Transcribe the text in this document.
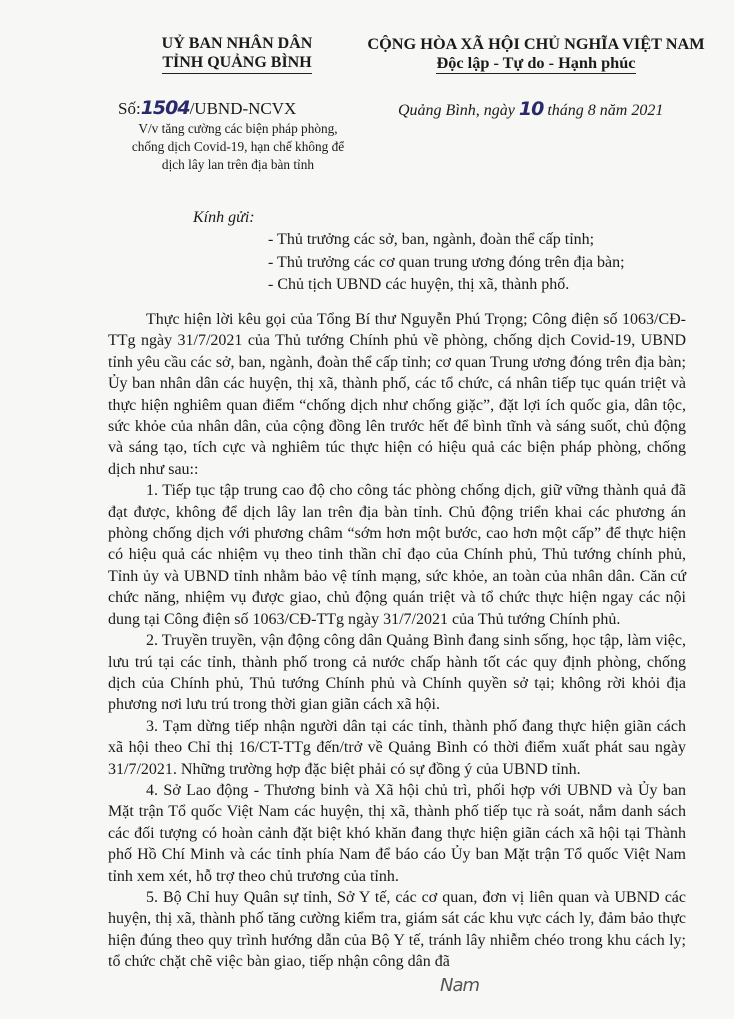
UỶ BAN NHÂN DÂN
TỈNH QUẢNG BÌNH
CỘNG HÒA XÃ HỘI CHỦ NGHĨA VIỆT NAM
Độc lập - Tự do - Hạnh phúc
Số:1504/UBND-NCVX
V/v tăng cường các biện pháp phòng,
chống dịch Covid-19, hạn chế không để
dịch lây lan trên địa bàn tỉnh
Quảng Bình, ngày 10 tháng 8 năm 2021
Kính gửi:
- Thủ trưởng các sở, ban, ngành, đoàn thể cấp tỉnh;
- Thủ trưởng các cơ quan trung ương đóng trên địa bàn;
- Chủ tịch UBND các huyện, thị xã, thành phố.

Thực hiện lời kêu gọi của Tổng Bí thư Nguyễn Phú Trọng; Công điện số 1063/CĐ-TTg ngày 31/7/2021 của Thủ tướng Chính phủ về phòng, chống dịch Covid-19, UBND tỉnh yêu cầu các sở, ban, ngành, đoàn thể cấp tỉnh; cơ quan Trung ương đóng trên địa bàn; Ủy ban nhân dân các huyện, thị xã, thành phố, các tổ chức, cá nhân tiếp tục quán triệt và thực hiện nghiêm quan điểm “chống dịch như chống giặc”, đặt lợi ích quốc gia, dân tộc, sức khỏe của nhân dân, của cộng đồng lên trước hết để bình tĩnh và sáng suốt, chủ động và sáng tạo, tích cực và nghiêm túc thực hiện có hiệu quả các biện pháp phòng, chống dịch như sau::

1. Tiếp tục tập trung cao độ cho công tác phòng chống dịch, giữ vững thành quả đã đạt được, không để dịch lây lan trên địa bàn tỉnh. Chủ động triển khai các phương án phòng chống dịch với phương châm “sớm hơn một bước, cao hơn một cấp” để thực hiện có hiệu quả các nhiệm vụ theo tinh thần chỉ đạo của Chính phủ, Thủ tướng chính phủ, Tỉnh ủy và UBND tỉnh nhằm bảo vệ tính mạng, sức khỏe, an toàn của nhân dân. Căn cứ chức năng, nhiệm vụ được giao, chủ động quán triệt và tổ chức thực hiện ngay các nội dung tại Công điện số 1063/CĐ-TTg ngày 31/7/2021 của Thủ tướng Chính phủ.

2. Truyền truyền, vận động công dân Quảng Bình đang sinh sống, học tập, làm việc, lưu trú tại các tỉnh, thành phố trong cả nước chấp hành tốt các quy định phòng, chống dịch của Chính phủ, Thủ tướng Chính phủ và Chính quyền sở tại; không rời khỏi địa phương nơi lưu trú trong thời gian giãn cách xã hội.

3. Tạm dừng tiếp nhận người dân tại các tỉnh, thành phố đang thực hiện giãn cách xã hội theo Chỉ thị 16/CT-TTg đến/trở về Quảng Bình có thời điểm xuất phát sau ngày 31/7/2021. Những trường hợp đặc biệt phải có sự đồng ý của UBND tỉnh.

4. Sở Lao động - Thương binh và Xã hội chủ trì, phối hợp với UBND và Ủy ban Mặt trận Tổ quốc Việt Nam các huyện, thị xã, thành phố tiếp tục rà soát, nắm danh sách các đối tượng có hoàn cảnh đặt biệt khó khăn đang thực hiện giãn cách xã hội tại Thành phố Hồ Chí Minh và các tỉnh phía Nam để báo cáo Ủy ban Mặt trận Tổ quốc Việt Nam tỉnh xem xét, hỗ trợ theo chủ trương của tỉnh.

5. Bộ Chỉ huy Quân sự tỉnh, Sở Y tế, các cơ quan, đơn vị liên quan và UBND các huyện, thị xã, thành phố tăng cường kiểm tra, giám sát các khu vực cách ly, đảm bảo thực hiện đúng theo quy trình hướng dẫn của Bộ Y tế, tránh lây nhiễm chéo trong khu cách ly; tổ chức chặt chẽ việc bàn giao, tiếp nhận công dân đã

Nam
